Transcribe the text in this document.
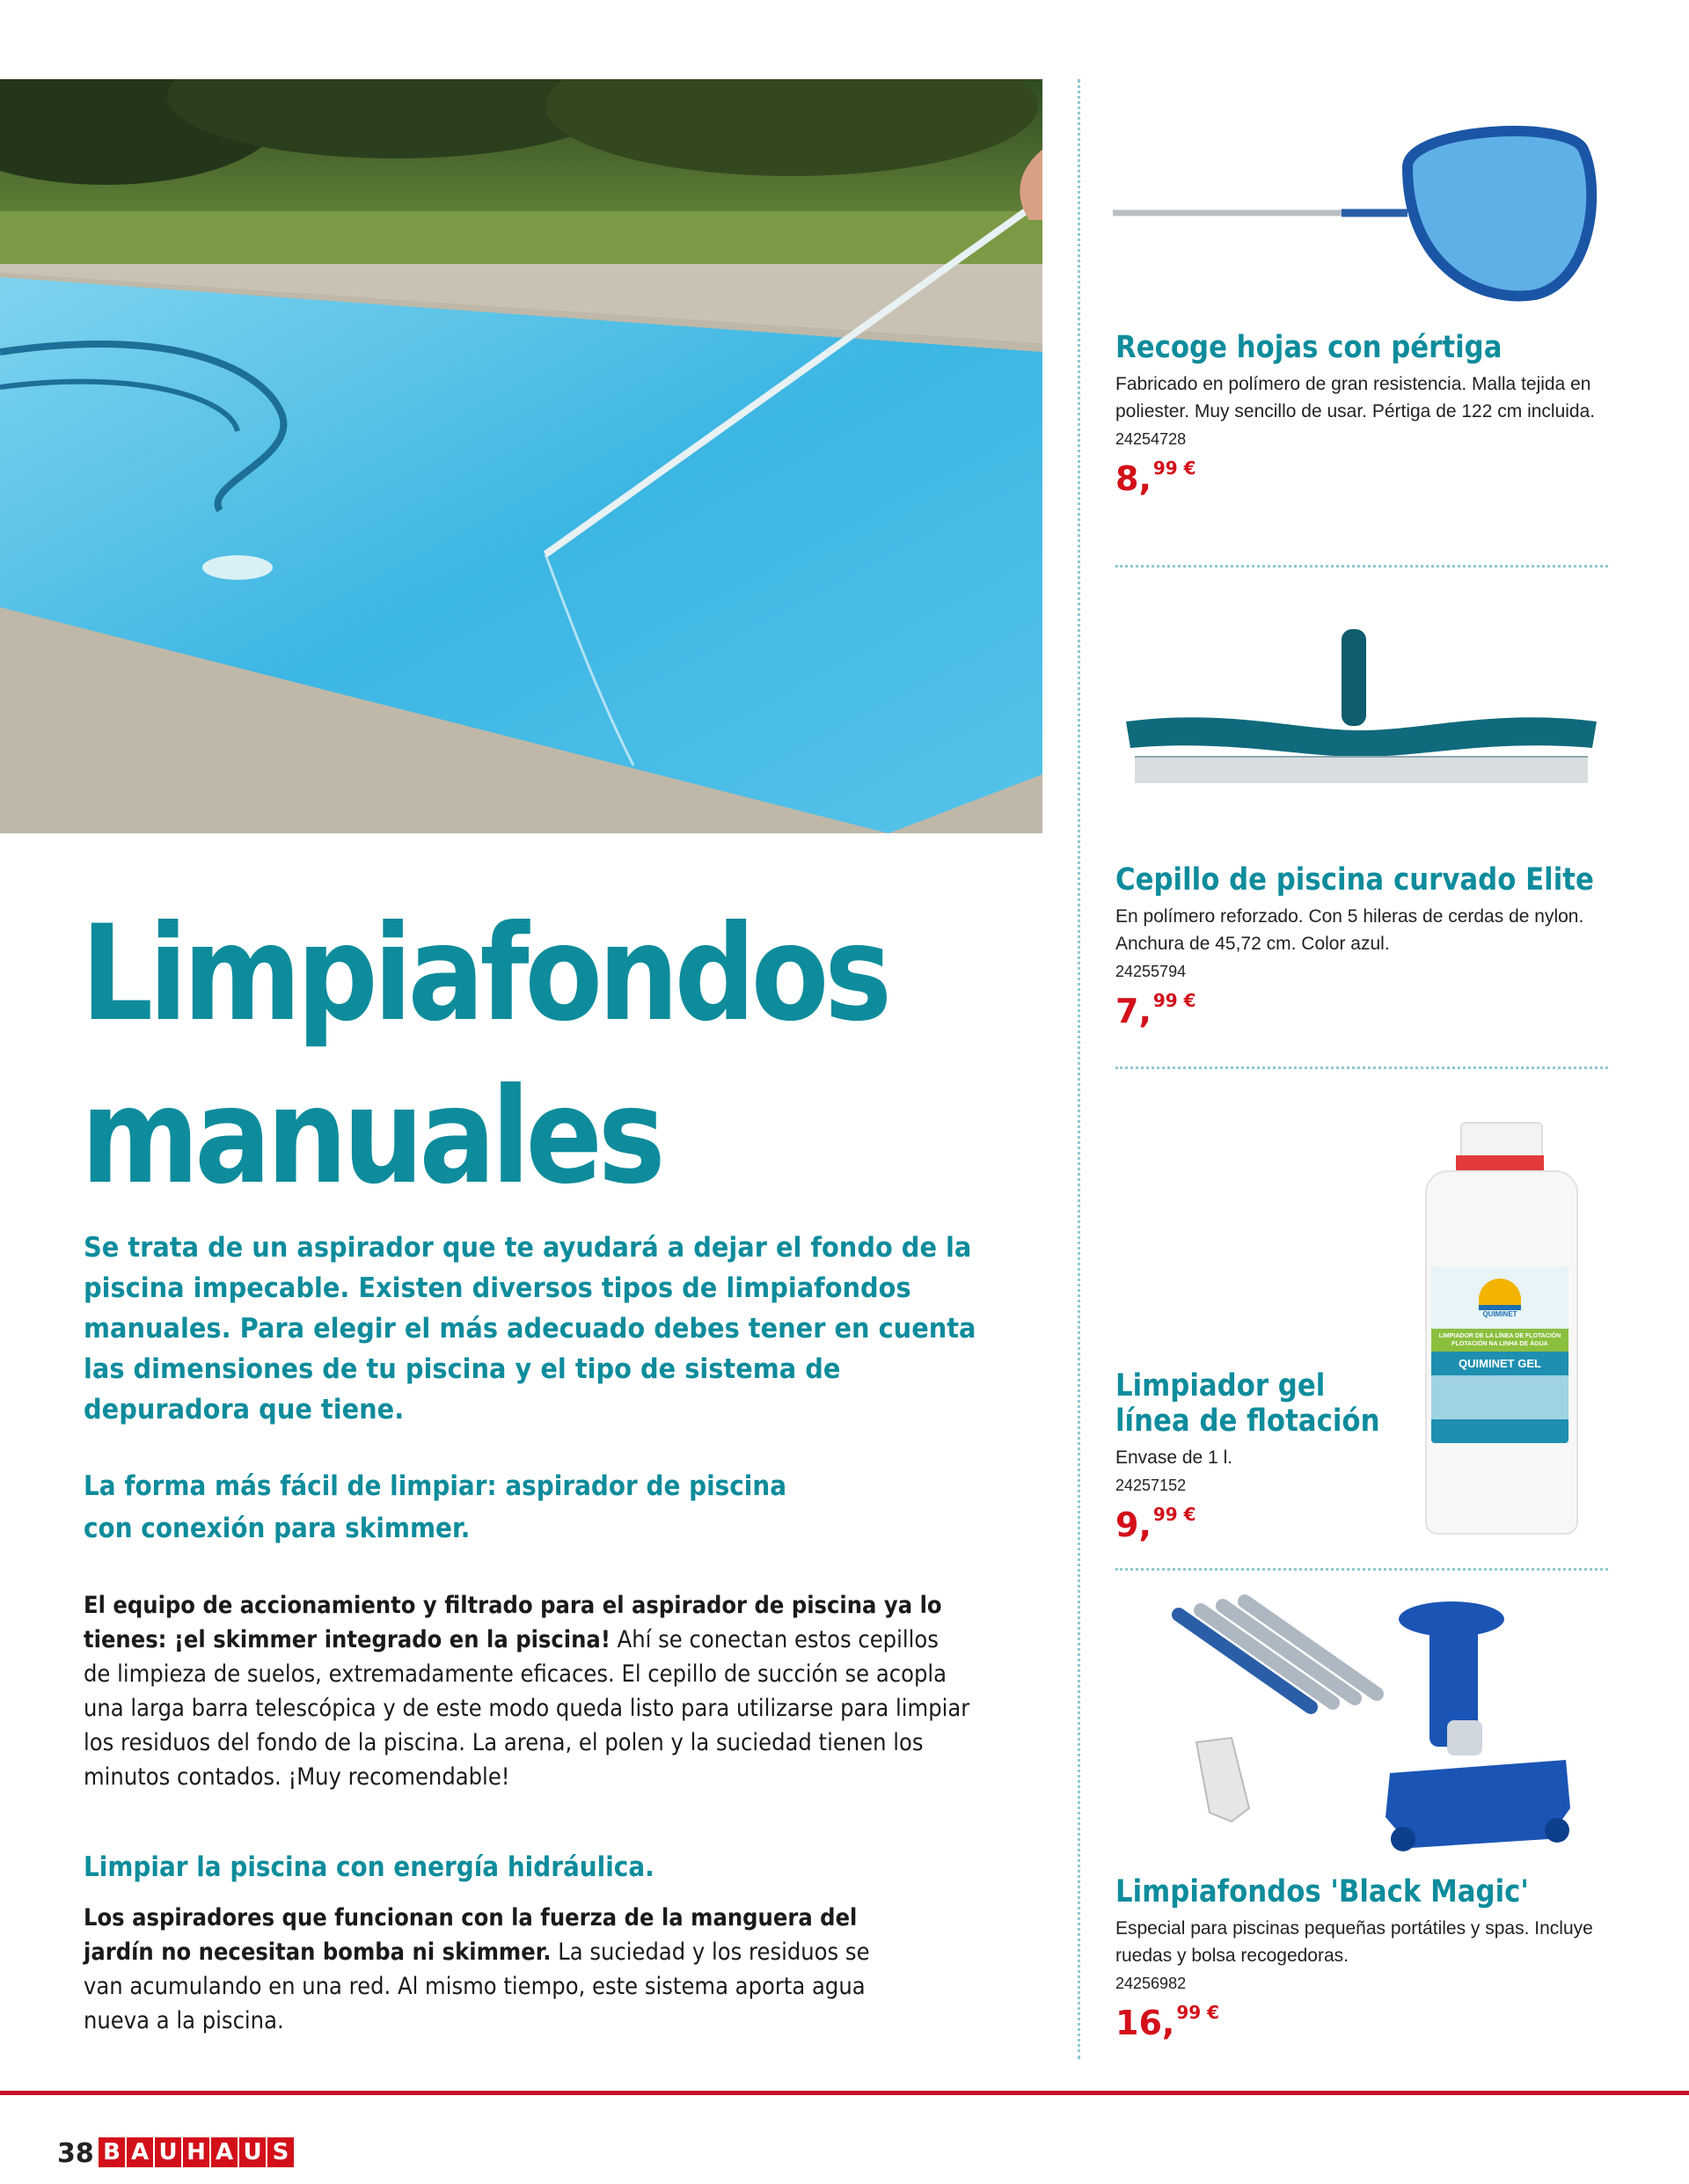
Limpiafondos
manuales
Se trata de un aspirador que te ayudará a dejar el fondo de la piscina impecable. Existen diversos tipos de limpiafondos manuales. Para elegir el más adecuado debes tener en cuenta las dimensiones de tu piscina y el tipo de sistema de depuradora que tiene.
La forma más fácil de limpiar: aspirador de piscina con conexión para skimmer.
El equipo de accionamiento y filtrado para el aspirador de piscina ya lo tienes: ¡el skimmer integrado en la piscina! Ahí se conectan estos cepillos de limpieza de suelos, extremadamente eficaces. El cepillo de succión se acopla una larga barra telescópica y de este modo queda listo para utilizarse para limpiar los residuos del fondo de la piscina. La arena, el polen y la suciedad tienen los minutos contados. ¡Muy recomendable!
Limpiar la piscina con energía hidráulica.
Los aspiradores que funcionan con la fuerza de la manguera del jardín no necesitan bomba ni skimmer. La suciedad y los residuos se van acumulando en una red. Al mismo tiempo, este sistema aporta agua nueva a la piscina.
Recoge hojas con pértiga
Fabricado en polímero de gran resistencia. Malla tejida en poliester. Muy sencillo de usar. Pértiga de 122 cm incluida.
24254728
8, 99 €
Cepillo de piscina curvado Elite
En polímero reforzado. Con 5 hileras de cerdas de nylon. Anchura de 45,72 cm. Color azul.
24255794
7, 99 €
QUIMINET
LIMPIADOR DE LA LÍNEA DE FLOTACIÓN
FLOTACIÓN NA LINHA DE ÁGUA
QUIMINET GEL
Limpiador gel
línea de flotación
Envase de 1 l.
24257152
9, 99 €
Limpiafondos 'Black Magic'
Especial para piscinas pequeñas portátiles y spas. Incluye ruedas y bolsa recogedoras.
24256982
16, 99 €
38 B A U H A U S
